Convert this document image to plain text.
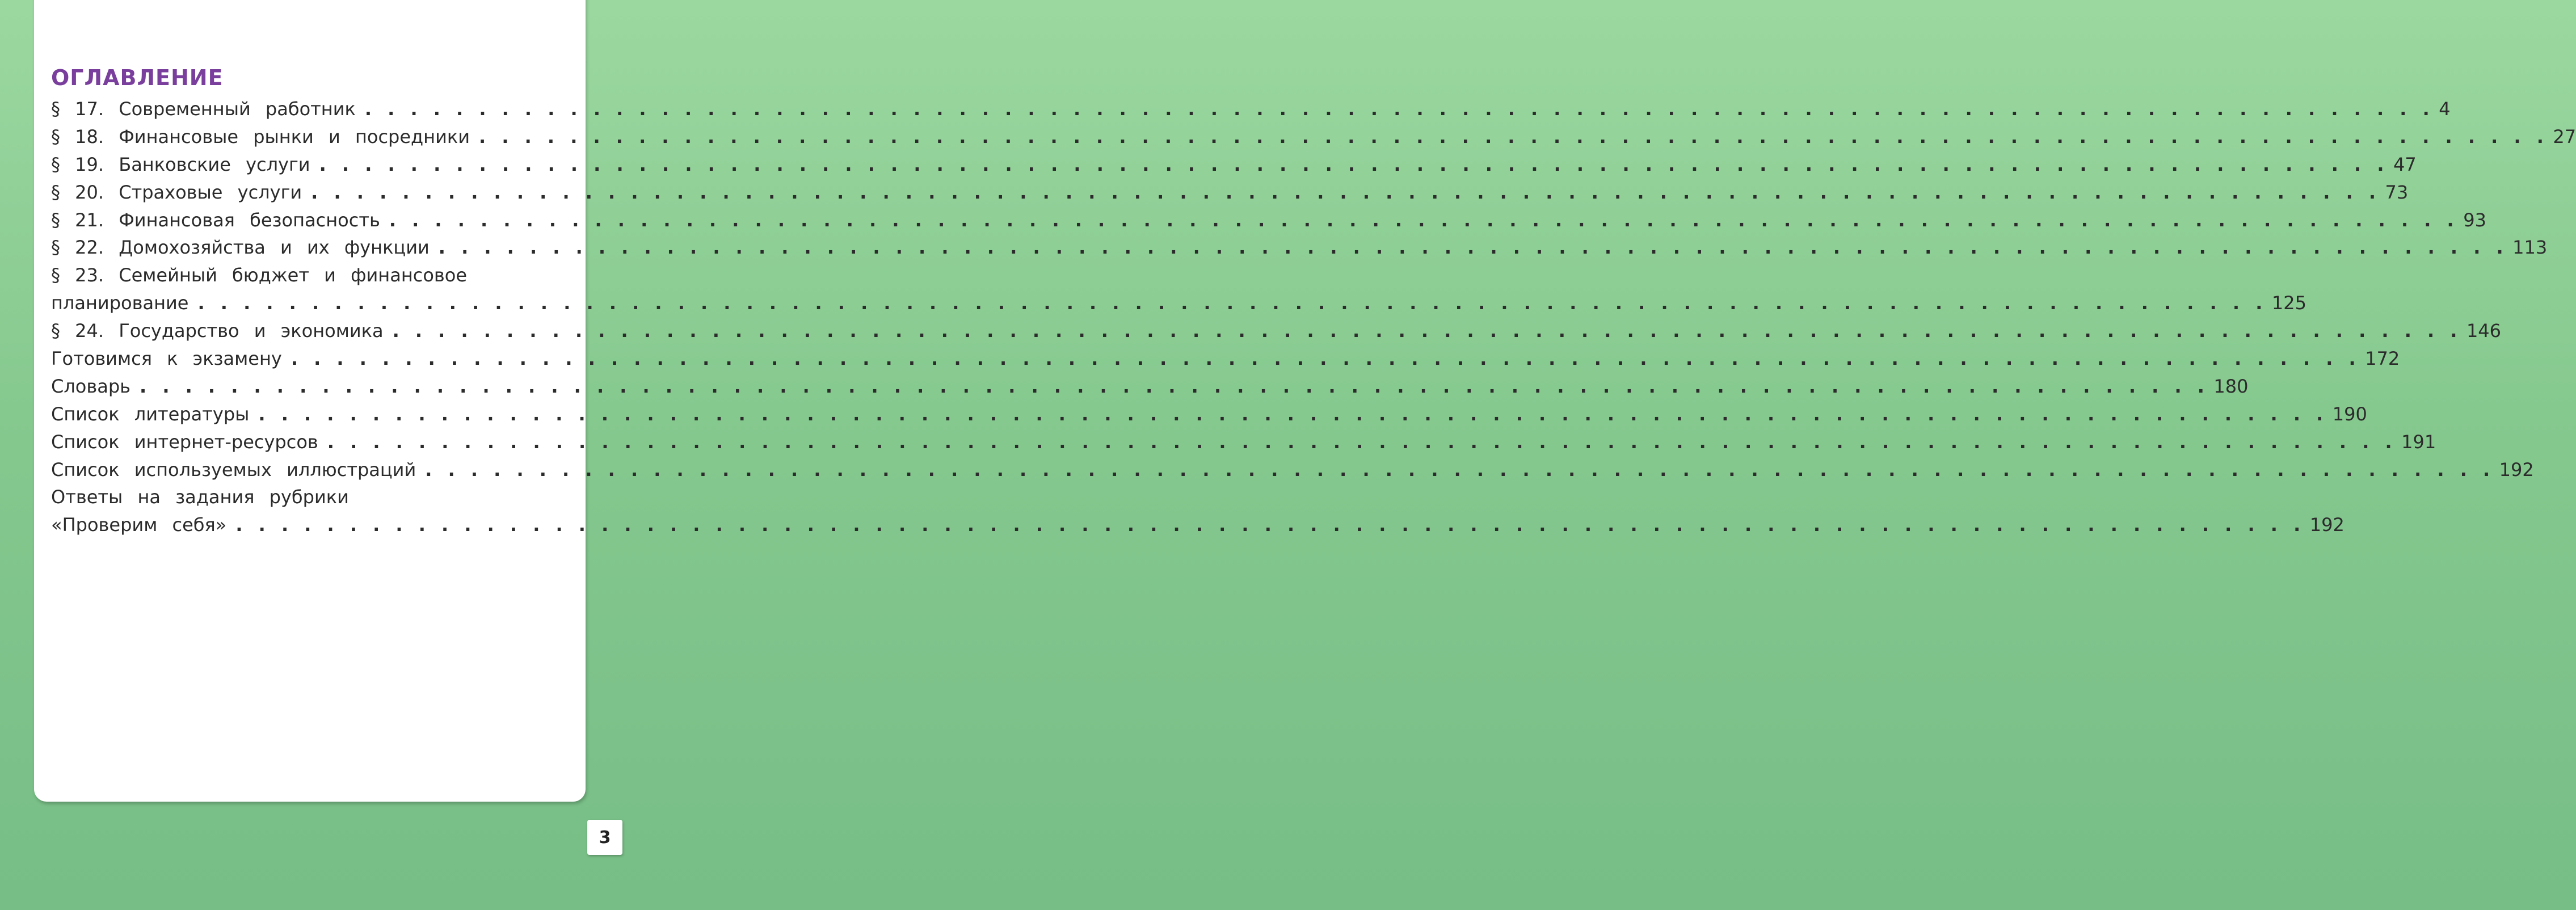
ОГЛАВЛЕНИЕ
§ 17. Современный работник . . . . . . . . . . . . . . . . . . . . . . . . . . . . . . . . . . . . . . . . . . . . . . . . . . . . . . . . . . . . . . . . . . . . . . . . . . . . . . . . . . . . . . . . . . . 4
§ 18. Финансовые рынки и посредники . . . . . . . . . . . . . . . . . . . . . . . . . . . . . . . . . . . . . . . . . . . . . . . . . . . . . . . . . . . . . . . . . . . . . . . . . . . . . . . . . . . . . . . . . . . 27
§ 19. Банковские услуги . . . . . . . . . . . . . . . . . . . . . . . . . . . . . . . . . . . . . . . . . . . . . . . . . . . . . . . . . . . . . . . . . . . . . . . . . . . . . . . . . . . . . . . . . . . 47
§ 20. Страховые услуги . . . . . . . . . . . . . . . . . . . . . . . . . . . . . . . . . . . . . . . . . . . . . . . . . . . . . . . . . . . . . . . . . . . . . . . . . . . . . . . . . . . . . . . . . . . 73
§ 21. Финансовая безопасность . . . . . . . . . . . . . . . . . . . . . . . . . . . . . . . . . . . . . . . . . . . . . . . . . . . . . . . . . . . . . . . . . . . . . . . . . . . . . . . . . . . . . . . . . . . 93
§ 22. Домохозяйства и их функции . . . . . . . . . . . . . . . . . . . . . . . . . . . . . . . . . . . . . . . . . . . . . . . . . . . . . . . . . . . . . . . . . . . . . . . . . . . . . . . . . . . . . . . . . . . 113
§ 23. Семейный бюджет и финансовое
планирование . . . . . . . . . . . . . . . . . . . . . . . . . . . . . . . . . . . . . . . . . . . . . . . . . . . . . . . . . . . . . . . . . . . . . . . . . . . . . . . . . . . . . . . . . . . 125
§ 24. Государство и экономика . . . . . . . . . . . . . . . . . . . . . . . . . . . . . . . . . . . . . . . . . . . . . . . . . . . . . . . . . . . . . . . . . . . . . . . . . . . . . . . . . . . . . . . . . . . 146
Готовимся к экзамену . . . . . . . . . . . . . . . . . . . . . . . . . . . . . . . . . . . . . . . . . . . . . . . . . . . . . . . . . . . . . . . . . . . . . . . . . . . . . . . . . . . . . . . . . . . 172
Словарь . . . . . . . . . . . . . . . . . . . . . . . . . . . . . . . . . . . . . . . . . . . . . . . . . . . . . . . . . . . . . . . . . . . . . . . . . . . . . . . . . . . . . . . . . . . 180
Список литературы . . . . . . . . . . . . . . . . . . . . . . . . . . . . . . . . . . . . . . . . . . . . . . . . . . . . . . . . . . . . . . . . . . . . . . . . . . . . . . . . . . . . . . . . . . . 190
Список интернет-ресурсов . . . . . . . . . . . . . . . . . . . . . . . . . . . . . . . . . . . . . . . . . . . . . . . . . . . . . . . . . . . . . . . . . . . . . . . . . . . . . . . . . . . . . . . . . . . 191
Список используемых иллюстраций . . . . . . . . . . . . . . . . . . . . . . . . . . . . . . . . . . . . . . . . . . . . . . . . . . . . . . . . . . . . . . . . . . . . . . . . . . . . . . . . . . . . . . . . . . . 192
Ответы на задания рубрики
«Проверим себя» . . . . . . . . . . . . . . . . . . . . . . . . . . . . . . . . . . . . . . . . . . . . . . . . . . . . . . . . . . . . . . . . . . . . . . . . . . . . . . . . . . . . . . . . . . . 192
3
